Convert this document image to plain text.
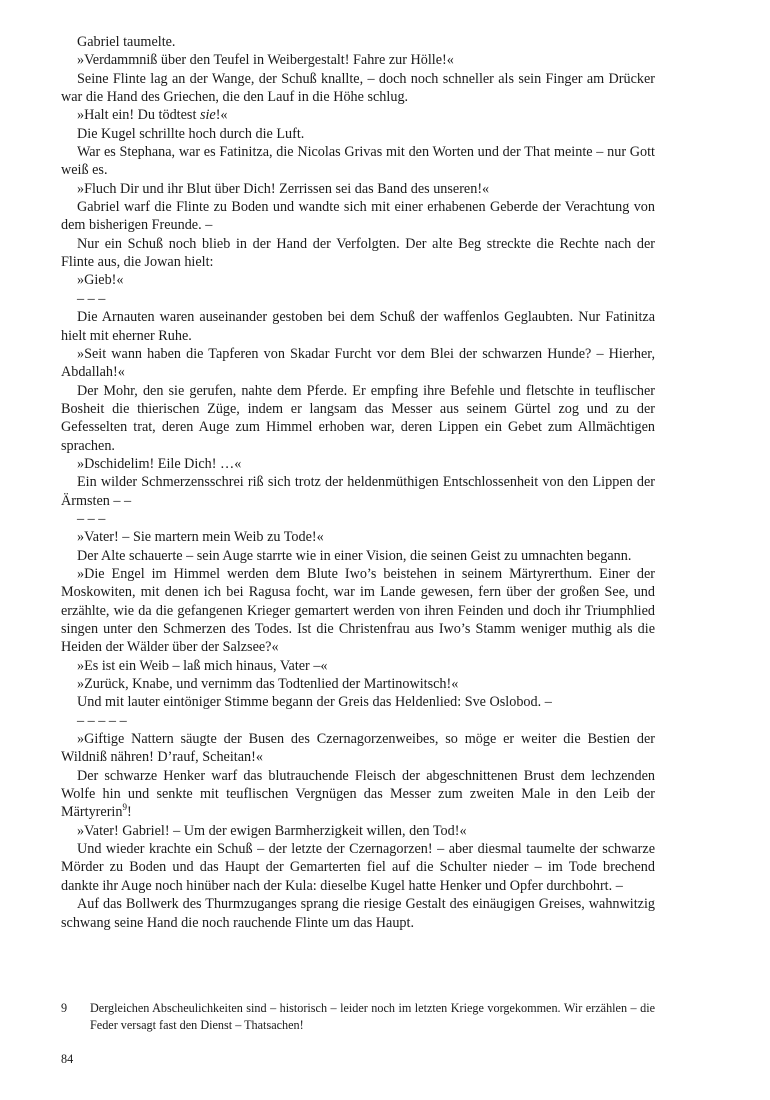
Gabriel taumelte.

»Verdammniß über den Teufel in Weibergestalt! Fahre zur Hölle!«

Seine Flinte lag an der Wange, der Schuß knallte, – doch noch schneller als sein Finger am Drücker war die Hand des Griechen, die den Lauf in die Höhe schlug.

»Halt ein! Du tödtest sie!«

Die Kugel schrillte hoch durch die Luft.

War es Stephana, war es Fatinitza, die Nicolas Grivas mit den Worten und der That meinte – nur Gott weiß es.

»Fluch Dir und ihr Blut über Dich! Zerrissen sei das Band des unseren!«

Gabriel warf die Flinte zu Boden und wandte sich mit einer erhabenen Geberde der Verachtung von dem bisherigen Freunde. –

Nur ein Schuß noch blieb in der Hand der Verfolgten. Der alte Beg streckte die Rechte nach der Flinte aus, die Jowan hielt:

»Gieb!«

– – –

Die Arnauten waren auseinander gestoben bei dem Schuß der waffenlos Geglaubten. Nur Fatinitza hielt mit eherner Ruhe.

»Seit wann haben die Tapferen von Skadar Furcht vor dem Blei der schwarzen Hunde? – Hierher, Abdallah!«

Der Mohr, den sie gerufen, nahte dem Pferde. Er empfing ihre Befehle und fletschte in teuflischer Bosheit die thierischen Züge, indem er langsam das Messer aus seinem Gürtel zog und zu der Gefesselten trat, deren Auge zum Himmel erhoben war, deren Lippen ein Gebet zum Allmächtigen sprachen.

»Dschidelim! Eile Dich! …«

Ein wilder Schmerzensschrei riß sich trotz der heldenmüthigen Entschlossenheit von den Lippen der Ärmsten – –

– – –

»Vater! – Sie martern mein Weib zu Tode!«

Der Alte schauerte – sein Auge starrte wie in einer Vision, die seinen Geist zu umnachten begann.

»Die Engel im Himmel werden dem Blute Iwo’s beistehen in seinem Märtyrerthum. Einer der Moskowiten, mit denen ich bei Ragusa focht, war im Lande gewesen, fern über der großen See, und erzählte, wie da die gefangenen Krieger gemartert werden von ihren Feinden und doch ihr Triumphlied singen unter den Schmerzen des Todes. Ist die Christenfrau aus Iwo’s Stamm weniger muthig als die Heiden der Wälder über der Salzsee?«

»Es ist ein Weib – laß mich hinaus, Vater –«

»Zurück, Knabe, und vernimm das Todtenlied der Martinowitsch!«

Und mit lauter eintöniger Stimme begann der Greis das Heldenlied: Sve Oslobod. –

– – – – –

»Giftige Nattern säugte der Busen des Czernagorzenweibes, so möge er weiter die Bestien der Wildniß nähren! D’rauf, Scheitan!«

Der schwarze Henker warf das blutrauchende Fleisch der abgeschnittenen Brust dem lechzenden Wolfe hin und senkte mit teuflischen Vergnügen das Messer zum zweiten Male in den Leib der Märtyrerin$^9$!

»Vater! Gabriel! – Um der ewigen Barmherzigkeit willen, den Tod!«

Und wieder krachte ein Schuß – der letzte der Czernagorzen! – aber diesmal taumelte der schwarze Mörder zu Boden und das Haupt der Gemarterten fiel auf die Schulter nieder – im Tode brechend dankte ihr Auge noch hinüber nach der Kula: dieselbe Kugel hatte Henker und Opfer durchbohrt. –

Auf das Bollwerk des Thurmzuganges sprang die riesige Gestalt des einäugigen Greises, wahnwitzig schwang seine Hand die noch rauchende Flinte um das Haupt.

9 Dergleichen Abscheulichkeiten sind – historisch – leider noch im letzten Kriege vorgekommen. Wir erzählen – die Feder versagt fast den Dienst – Thatsachen!
84
